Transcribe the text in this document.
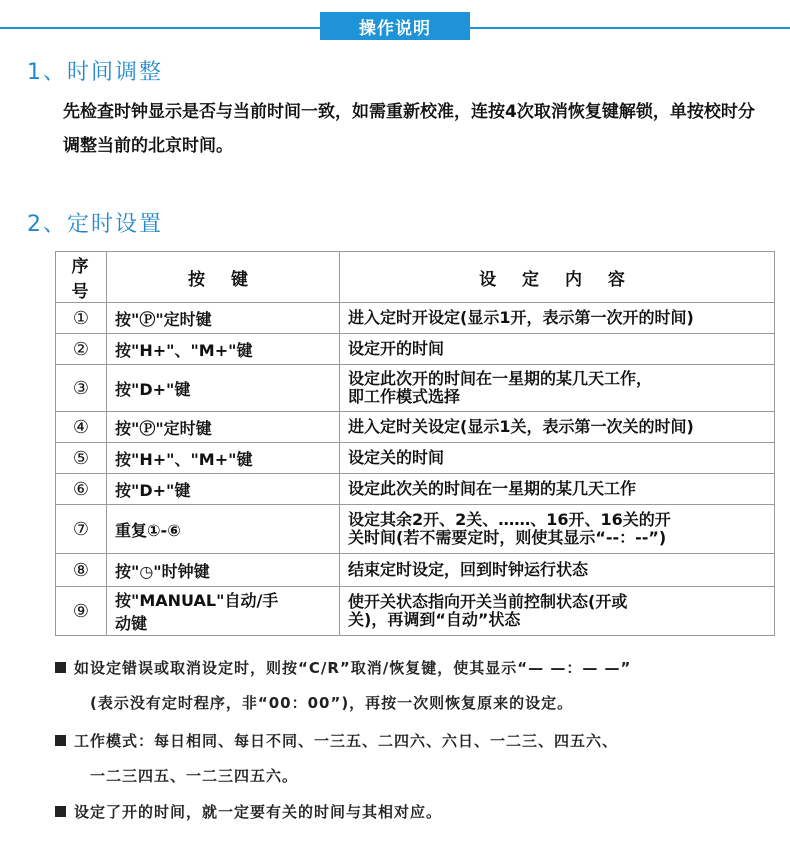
操作说明
1、时间调整
先检查时钟显示是否与当前时间一致，如需重新校准，连按4次取消恢复键解锁，单按校时分调整当前的北京时间。
2、定时设置
序号	按 键	设 定 内 容
①	按"Ⓟ"定时键	进入定时开设定(显示1开，表示第一次开的时间)
②	按"H+"、"M+"键	设定开的时间
③	按"D+"键	设定此次开的时间在一星期的某几天工作，即工作模式选择
④	按"Ⓟ"定时键	进入定时关设定(显示1关，表示第一次关的时间)
⑤	按"H+"、"M+"键	设定关的时间
⑥	按"D+"键	设定此次关的时间在一星期的某几天工作
⑦	重复①-⑥	设定其余2开、2关、……、16开、16关的开关时间(若不需要定时，则使其显示“--：--”)
⑧	按"◷"时钟键	结束定时设定，回到时钟运行状态
⑨	按"MANUAL"自动/手动键	使开关状态指向开关当前控制状态(开或关)，再调到“自动”状态
如设定错误或取消设定时，则按“C/R”取消/恢复键，使其显示“— —：— —”
(表示没有定时程序，非“00：00”)，再按一次则恢复原来的设定。
工作模式：每日相同、每日不同、一三五、二四六、六日、一二三、四五六、
一二三四五、一二三四五六。
设定了开的时间，就一定要有关的时间与其相对应。
